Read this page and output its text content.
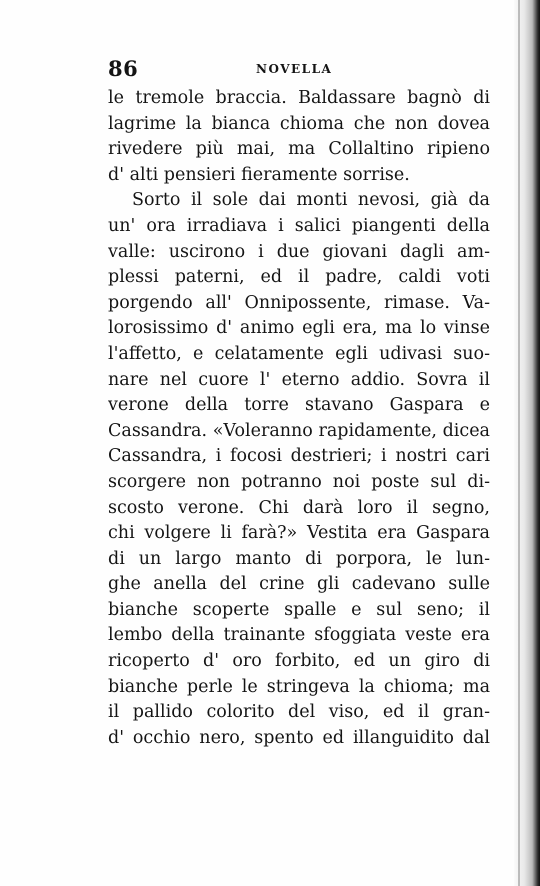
86	NOVELLA
le tremole braccia. Baldassare bagnò di
lagrime la bianca chioma che non dovea
rivedere più mai, ma Collaltino ripieno
d' alti pensieri fieramente sorrise.
Sorto il sole dai monti nevosi, già da
un' ora irradiava i salici piangenti della
valle: uscirono i due giovani dagli am-
plessi paterni, ed il padre, caldi voti
porgendo all' Onnipossente, rimase. Va-
lorosissimo d' animo egli era, ma lo vinse
l'affetto, e celatamente egli udivasi suo-
nare nel cuore l' eterno addio. Sovra il
verone della torre stavano Gaspara e
Cassandra. «Voleranno rapidamente, dicea
Cassandra, i focosi destrieri; i nostri cari
scorgere non potranno noi poste sul di-
scosto verone. Chi darà loro il segno,
chi volgere li farà?» Vestita era Gaspara
di un largo manto di porpora, le lun-
ghe anella del crine gli cadevano sulle
bianche scoperte spalle e sul seno; il
lembo della trainante sfoggiata veste era
ricoperto d' oro forbito, ed un giro di
bianche perle le stringeva la chioma; ma
il pallido colorito del viso, ed il gran-
d' occhio nero, spento ed illanguidito dal
